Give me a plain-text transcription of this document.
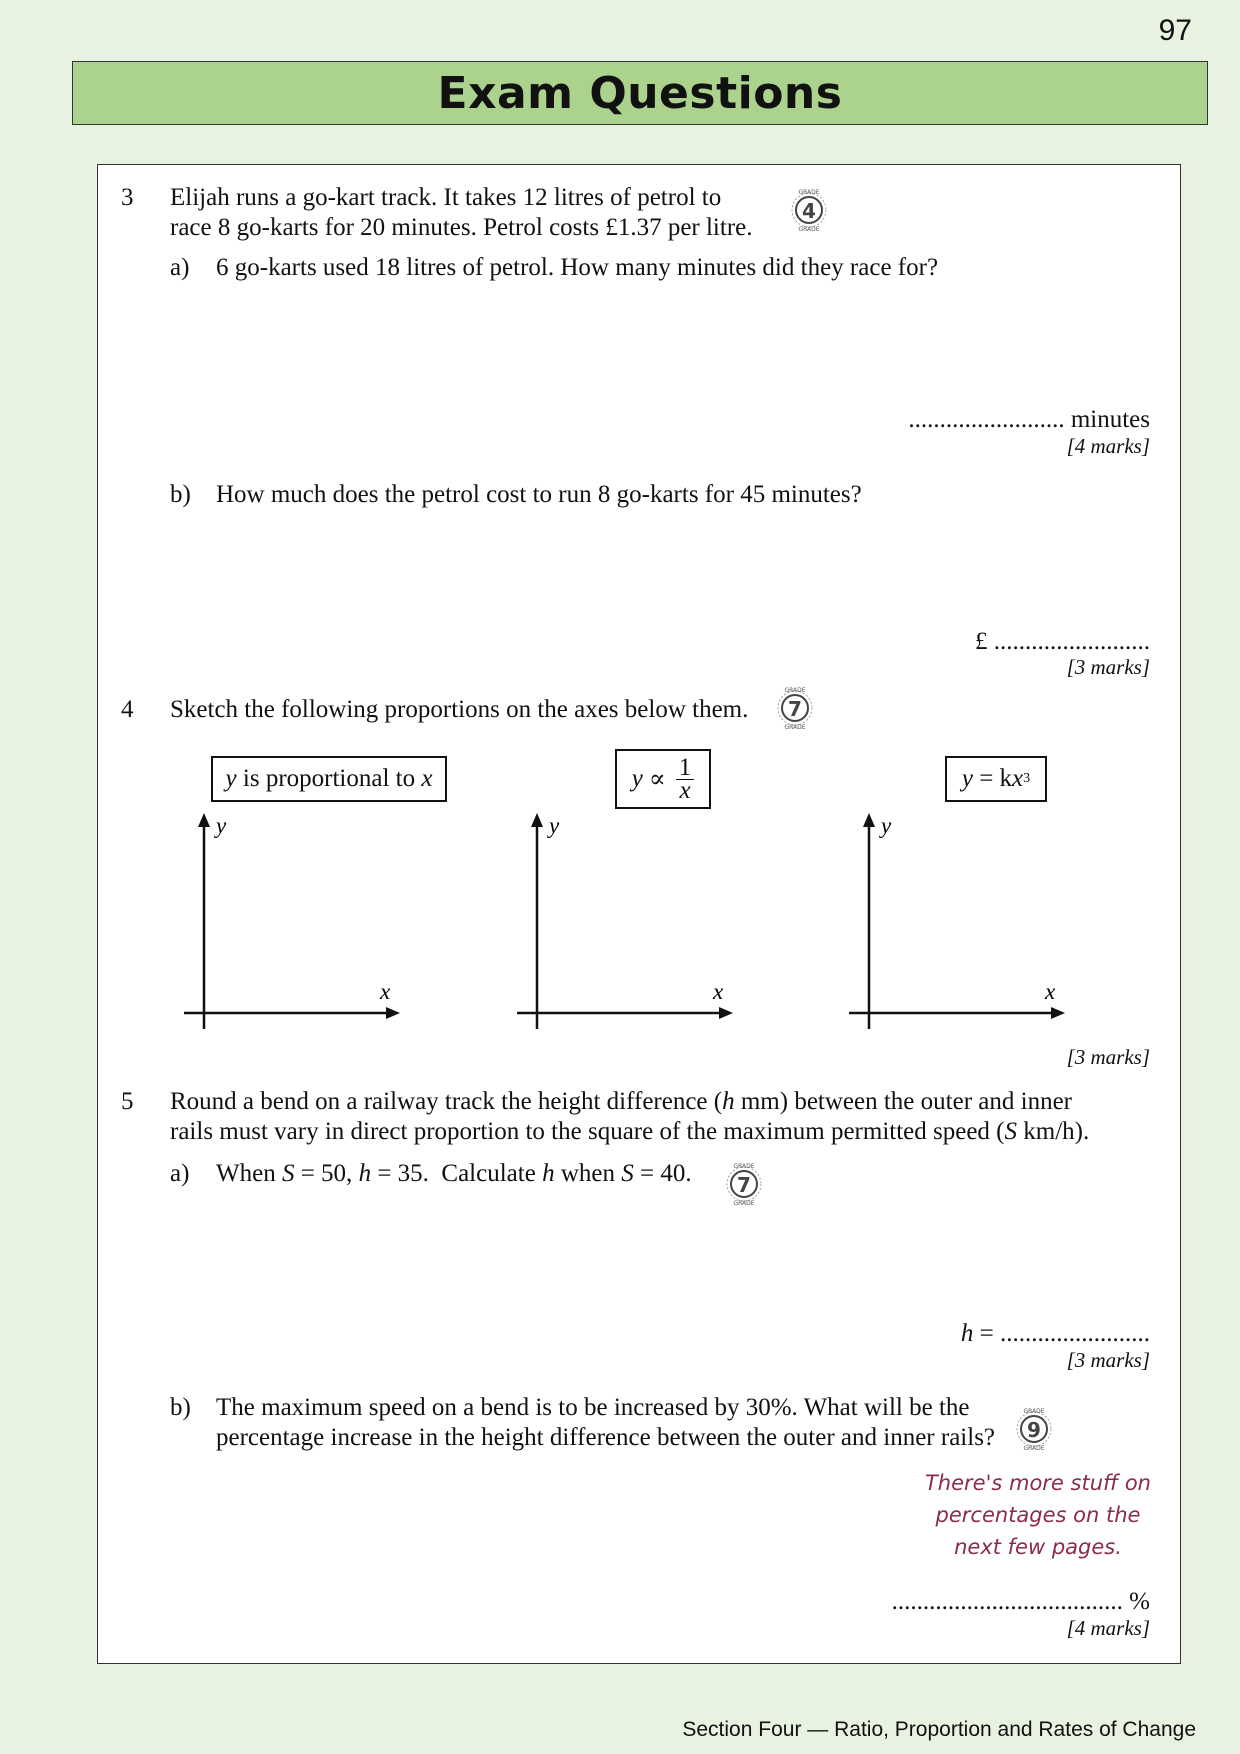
97
Exam Questions
3 Elijah runs a go-kart track. It takes 12 litres of petrol to
race 8 go-karts for 20 minutes. Petrol costs £1.37 per litre.
4
GRADE
GRADE
a) 6 go-karts used 18 litres of petrol. How many minutes did they race for?
......................... minutes
[4 marks]
b) How much does the petrol cost to run 8 go-karts for 45 minutes?
£ .........................
[3 marks]
4 Sketch the following proportions on the axes below them. 7
GRADE
GRADE
y is proportional to x	$y \propto \frac{1}{x}$	y = k x 3
y
x
y
x
y
x
[3 marks]
5 Round a bend on a railway track the height difference (h mm) between the outer and inner
rails must vary in direct proportion to the square of the maximum permitted speed (S km/h).
a) When S = 50, h = 35.  Calculate h when S = 40. 7
GRADE
GRADE
h = ........................
[3 marks]
b) The maximum speed on a bend is to be increased by 30%. What will be the
percentage increase in the height difference between the outer and inner rails? 9
GRADE
GRADE
There's more stuff on
percentages on the
next few pages.
..................................... %
[4 marks]
Section Four — Ratio, Proportion and Rates of Change
